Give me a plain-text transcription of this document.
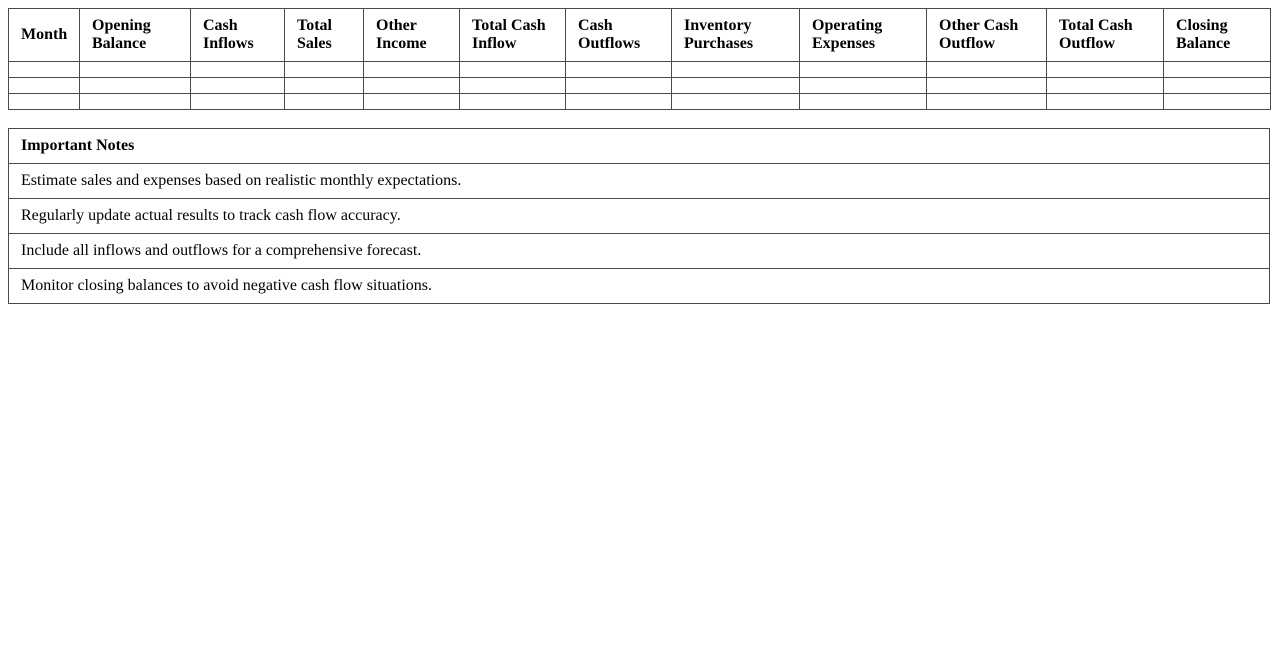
Month	Opening Balance	Cash Inflows	Total Sales	Other Income	Total Cash Inflow	Cash Outflows	Inventory Purchases	Operating Expenses	Other Cash Outflow	Total Cash Outflow	Closing Balance

Important Notes
Estimate sales and expenses based on realistic monthly expectations.
Regularly update actual results to track cash flow accuracy.
Include all inflows and outflows for a comprehensive forecast.
Monitor closing balances to avoid negative cash flow situations.
